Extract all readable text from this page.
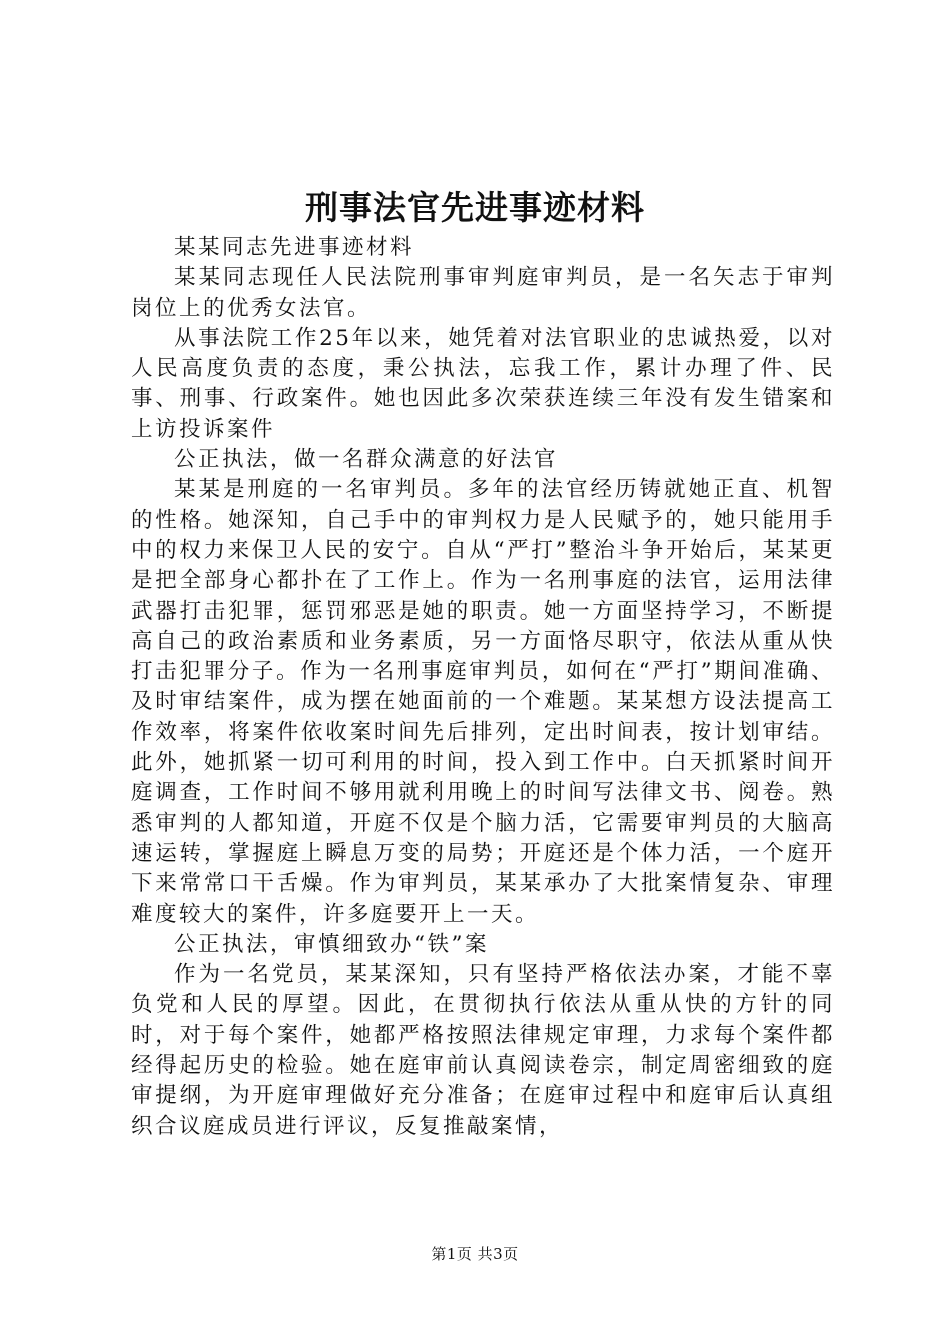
刑事法官先进事迹材料

某某同志先进事迹材料

某某同志现任人民法院刑事审判庭审判员，是一名矢志于审判岗位上的优秀女法官。

从事法院工作25年以来，她凭着对法官职业的忠诚热爱，以对人民高度负责的态度，秉公执法，忘我工作，累计办理了件、民事、刑事、行政案件。她也因此多次荣获连续三年没有发生错案和上访投诉案件

公正执法，做一名群众满意的好法官

某某是刑庭的一名审判员。多年的法官经历铸就她正直、机智的性格。她深知，自己手中的审判权力是人民赋予的，她只能用手中的权力来保卫人民的安宁。自从“严打”整治斗争开始后，某某更是把全部身心都扑在了工作上。作为一名刑事庭的法官，运用法律武器打击犯罪，惩罚邪恶是她的职责。她一方面坚持学习，不断提高自己的政治素质和业务素质，另一方面恪尽职守，依法从重从快打击犯罪分子。作为一名刑事庭审判员，如何在“严打”期间准确、及时审结案件，成为摆在她面前的一个难题。某某想方设法提高工作效率，将案件依收案时间先后排列，定出时间表，按计划审结。此外，她抓紧一切可利用的时间，投入到工作中。白天抓紧时间开庭调查，工作时间不够用就利用晚上的时间写法律文书、阅卷。熟悉审判的人都知道，开庭不仅是个脑力活，它需要审判员的大脑高速运转，掌握庭上瞬息万变的局势；开庭还是个体力活，一个庭开下来常常口干舌燥。作为审判员，某某承办了大批案情复杂、审理难度较大的案件，许多庭要开上一天。

公正执法，审慎细致办“铁”案

作为一名党员，某某深知，只有坚持严格依法办案，才能不辜负党和人民的厚望。因此，在贯彻执行依法从重从快的方针的同时，对于每个案件，她都严格按照法律规定审理，力求每个案件都经得起历史的检验。她在庭审前认真阅读卷宗，制定周密细致的庭审提纲，为开庭审理做好充分准备；在庭审过程中和庭审后认真组织合议庭成员进行评议，反复推敲案情，

第1页 共3页
